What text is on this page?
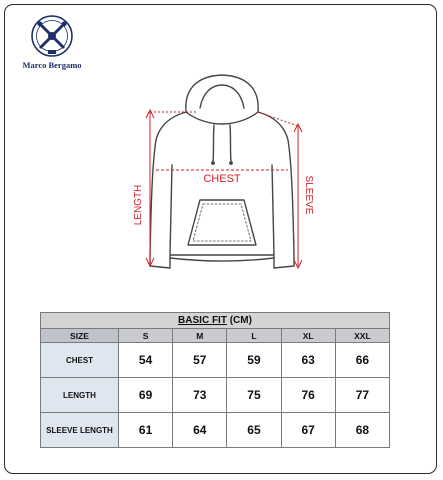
Marco Bergamo
CHEST
LENGTH	SLEEVE
BASIC FIT (CM)					
SIZE	S	M	L	XL	XXL
CHEST	54	57	59	63	66
LENGTH	69	73	75	76	77
SLEEVE LENGTH	61	64	65	67	68
